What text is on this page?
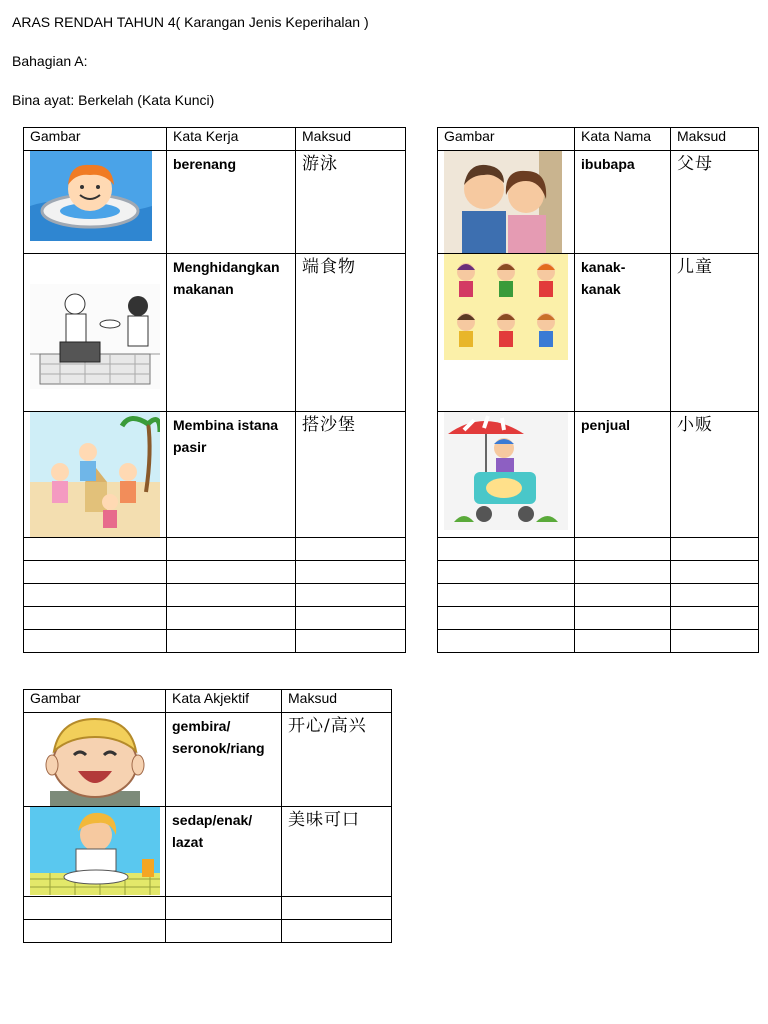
ARAS RENDAH TAHUN 4( Karangan Jenis Keperihalan )
Bahagian A:
Bina ayat: Berkelah (Kata Kunci)
Gambar	Kata Kerja	Maksud

	berenang	游泳

	Menghidangkan makanan	端食物

	Membina istana pasir	搭沙堡

Gambar	Kata Nama	Maksud

	ibubapa	父母

	kanak-kanak	儿童

	penjual	小贩

Gambar	Kata Akjektif	Maksud

	gembira/ seronok/riang	开心/高兴

	sedap/enak/ lazat	美味可口
